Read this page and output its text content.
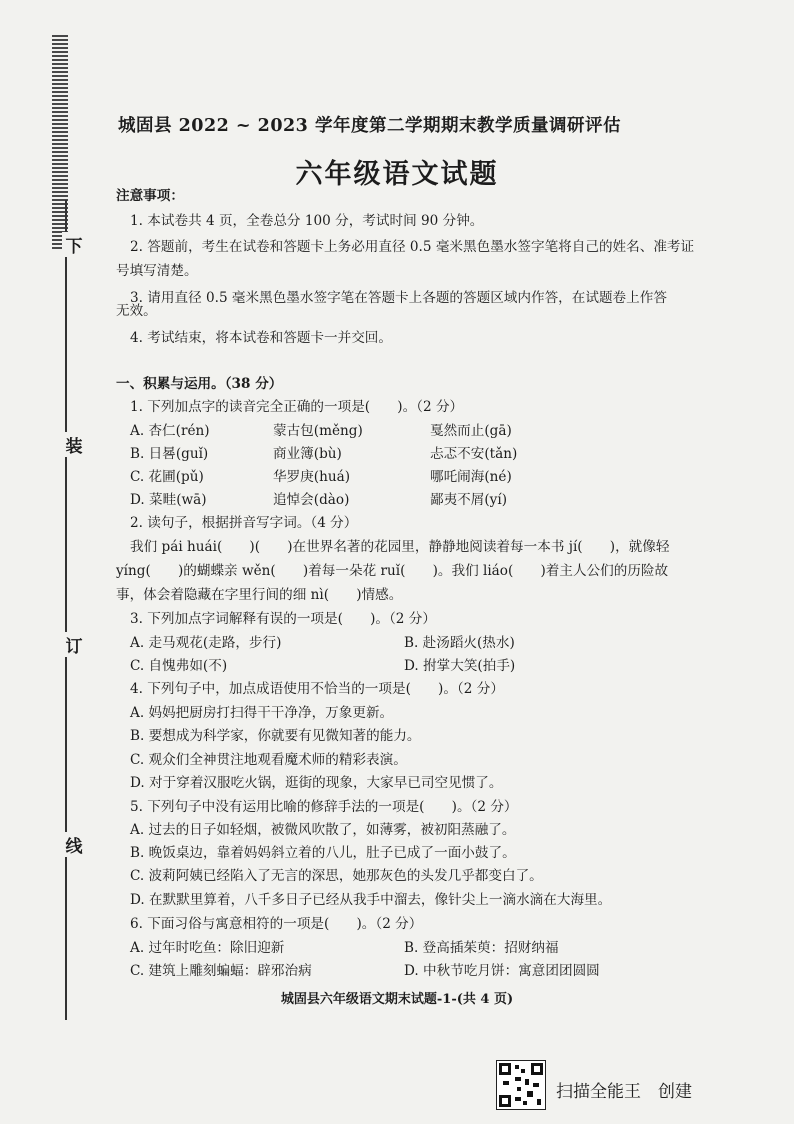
下
装
订
线
城固县 2022 ~ 2023 学年度第二学期期末教学质量调研评估
六年级语文试题
注意事项：
1. 本试卷共 4 页，全卷总分 100 分，考试时间 90 分钟。
2. 答题前，考生在试卷和答题卡上务必用直径 0.5 毫米黑色墨水签字笔将自己的姓名、准考证
号填写清楚。
3. 请用直径 0.5 毫米黑色墨水签字笔在答题卡上各题的答题区域内作答，在试题卷上作答
无效。
4. 考试结束，将本试卷和答题卡一并交回。
一、积累与运用。（38 分）
1. 下列加点字的读音完全正确的一项是(　　)。（2 分）
A. 杏仁(rén)	蒙古包(měng)	戛然而止(gā)
B. 日晷(guǐ)	商业簿(bù)	忐忑不安(tǎn)
C. 花圃(pǔ)	华罗庚(huá)	哪吒闹海(né)
D. 菜畦(wā)	追悼会(dào)	鄙夷不屑(yí)
2. 读句子，根据拼音写字词。（4 分）
我们 pái huái(　　)(　　)在世界名著的花园里，静静地阅读着每一本书 jí(　　)，就像轻
yíng(　　)的蝴蝶亲 wěn(　　)着每一朵花 ruǐ(　　)。我们 liáo(　　)着主人公们的历险故
事，体会着隐藏在字里行间的细 nì(　　)情感。
3. 下列加点字词解释有误的一项是(　　)。（2 分）
A. 走马观花(走路，步行)	B. 赴汤蹈火(热水)
C. 自愧弗如(不)	D. 拊掌大笑(拍手)
4. 下列句子中，加点成语使用不恰当的一项是(　　)。（2 分）
A. 妈妈把厨房打扫得干干净净，万象更新。
B. 要想成为科学家，你就要有见微知著的能力。
C. 观众们全神贯注地观看魔术师的精彩表演。
D. 对于穿着汉服吃火锅，逛街的现象，大家早已司空见惯了。
5. 下列句子中没有运用比喻的修辞手法的一项是(　　)。（2 分）
A. 过去的日子如轻烟，被微风吹散了，如薄雾，被初阳蒸融了。
B. 晚饭桌边，靠着妈妈斜立着的八儿，肚子已成了一面小鼓了。
C. 波莉阿姨已经陷入了无言的深思，她那灰色的头发几乎都变白了。
D. 在默默里算着，八千多日子已经从我手中溜去，像针尖上一滴水滴在大海里。
6. 下面习俗与寓意相符的一项是(　　)。（2 分）
A. 过年时吃鱼：除旧迎新	B. 登高插茱萸：招财纳福
C. 建筑上雕刻蝙蝠：辟邪治病	D. 中秋节吃月饼：寓意团团圆圆
城固县六年级语文期末试题-1-(共 4 页)
扫描全能王　创建
